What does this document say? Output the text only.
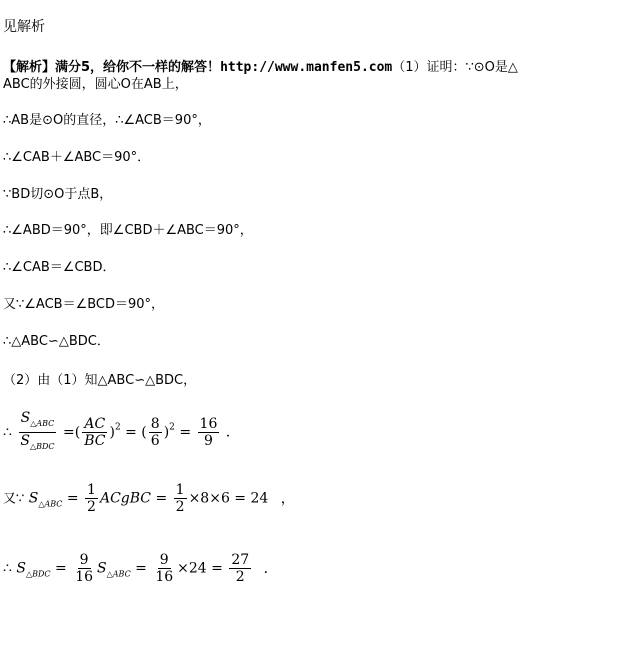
见解析
【解析】满分5，给你不一样的解答！http://www.manfen5.com（1）证明：∵⊙O是△
ABC的外接圆，圆心O在AB上，
∴AB是⊙O的直径，∴∠ACB＝90°，
∴∠CAB＋∠ABC＝90°．
∵BD切⊙O于点B，
∴∠ABD＝90°，即∠CBD＋∠ABC＝90°，
∴∠CAB＝∠CBD．
又∵∠ACB＝∠BCD＝90°，
∴△ABC∽△BDC．
（2）由（1）知△ABC∽△BDC，
∴
$S_{\triangle ABC}$
$S_{\triangle BDC}$
=( $\frac{AC}{BC} )^2$ = ( $\frac{8}{6} )^2 = \frac{16}{9}$ ．
又∵ $S_{\triangle ABC} = \frac{1}{2}$ ACgBC = $\frac{1}{2} \times 8\times 6 = 24$ ，
∴ $S_{\triangle BDC} = \frac{9}{16} S_{\triangle ABC} = \frac{9}{16} \times 24 = \frac{27}{2}$ ．
